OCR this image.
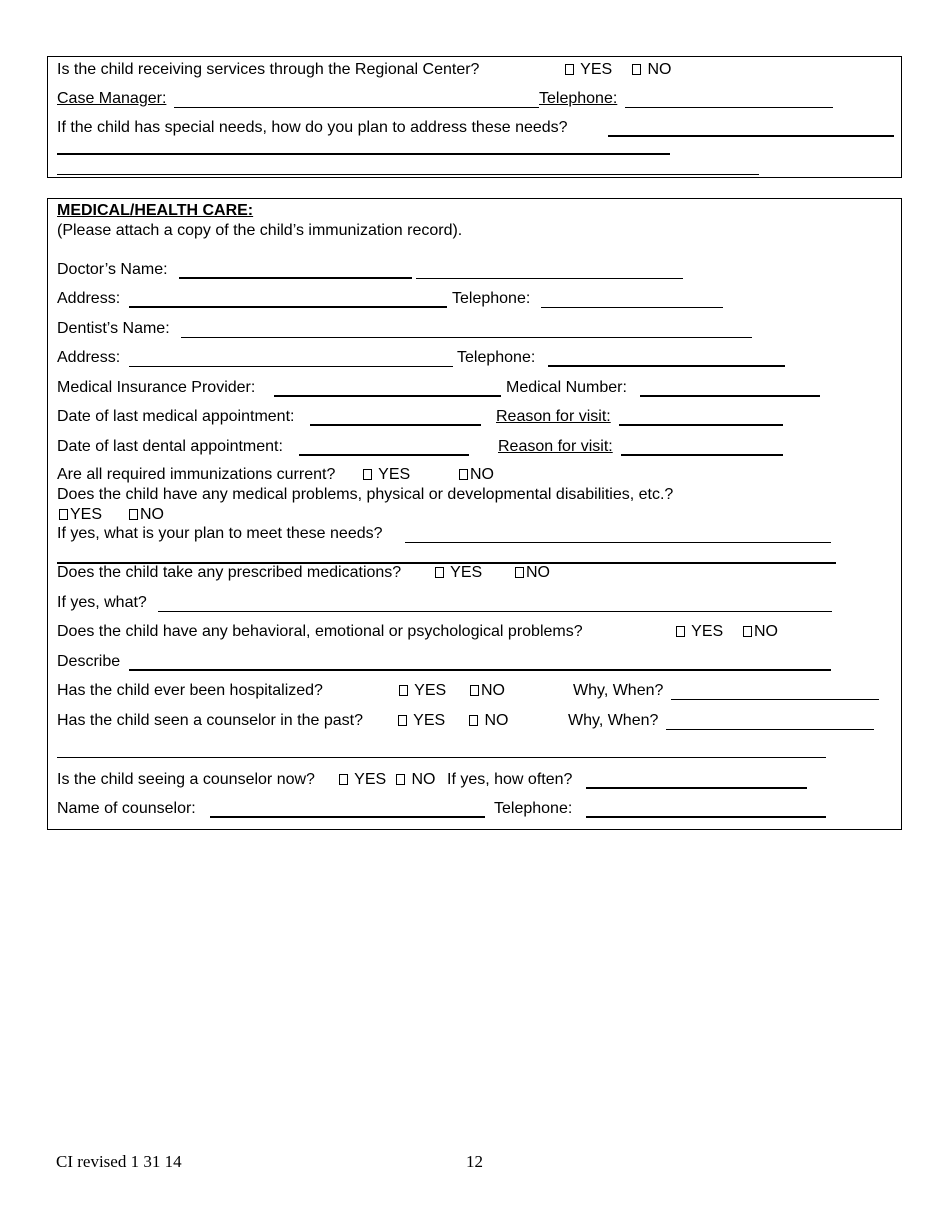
Is the child receiving services through the Regional Center?	YES	NO
Case Manager:	Telephone:
If the child has special needs, how do you plan to address these needs?
MEDICAL/HEALTH CARE:
(Please attach a copy of the child’s immunization record).
Doctor’s Name:
Address:	Telephone:
Dentist’s Name:
Address:	Telephone:
Medical Insurance Provider:	Medical Number:
Date of last medical appointment:	Reason for visit:
Date of last dental appointment:	Reason for visit:
Are all required immunizations current?	YES	NO
Does the child have any medical problems, physical or developmental disabilities, etc.?
YES	NO
If yes, what is your plan to meet these needs?
Does the child take any prescribed medications?	YES	NO
If yes, what?
Does the child have any behavioral, emotional or psychological problems?	YES	NO
Describe
Has the child ever been hospitalized?	YES	NO	Why, When?
Has the child seen a counselor in the past?	YES	NO	Why, When?
Is the child seeing a counselor now?	YES	NO If yes, how often?
Name of counselor:	Telephone:
CI revised 1 31 14	12
